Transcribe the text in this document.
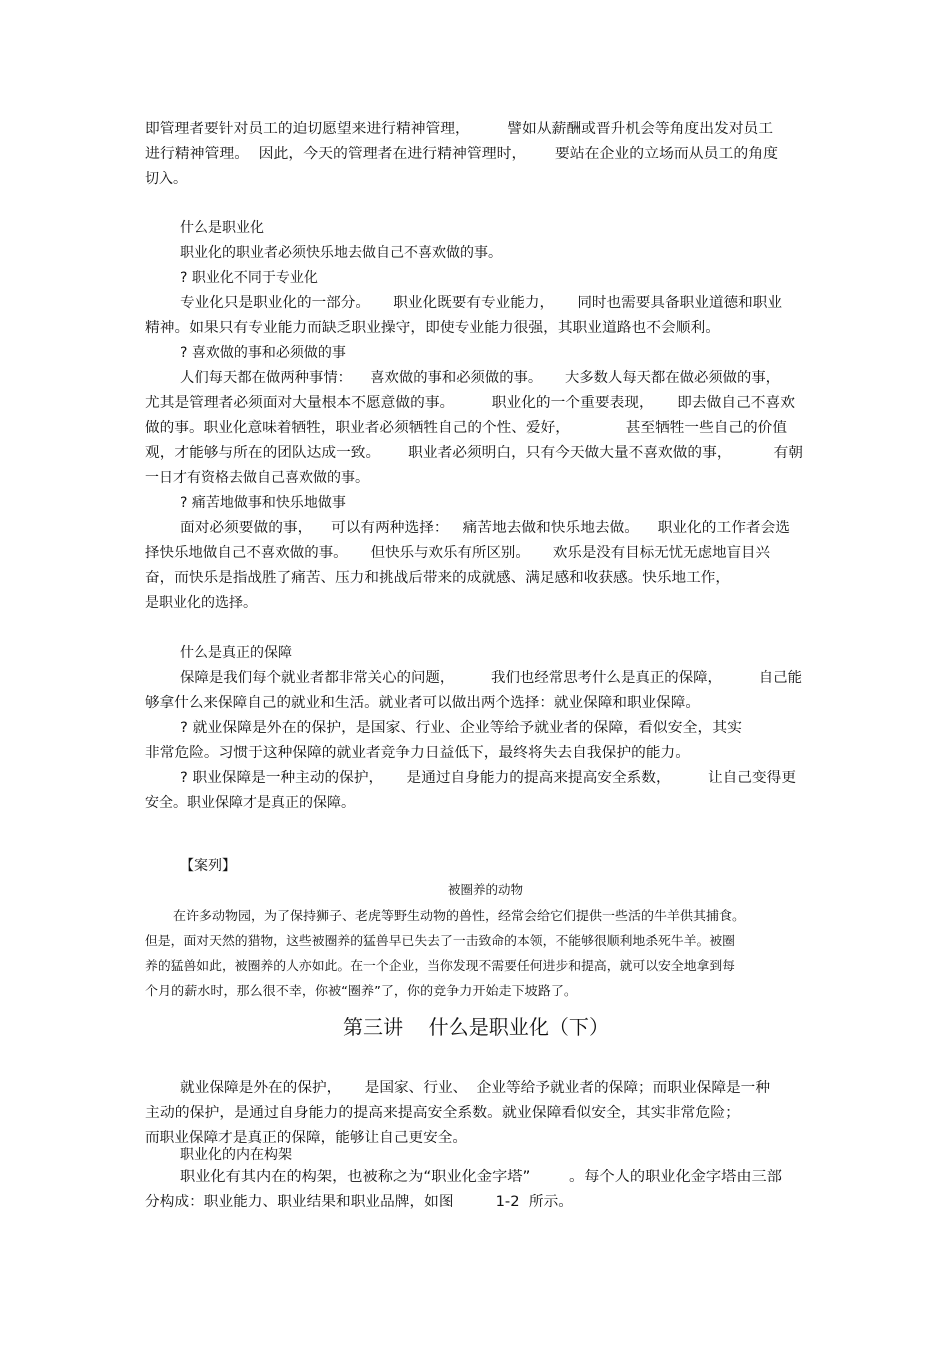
即管理者要针对员工的迫切愿望来进行精神管理，        譬如从薪酬或晋升机会等角度出发对员工
进行精神管理。  因此，今天的管理者在进行精神管理时，      要站在企业的立场而从员工的角度
切入。
什么是职业化
职业化的职业者必须快乐地去做自己不喜欢做的事。
? 职业化不同于专业化
专业化只是职业化的一部分。     职业化既要有专业能力，     同时也需要具备职业道德和职业
精神。如果只有专业能力而缺乏职业操守，即使专业能力很强，其职业道路也不会顺利。
? 喜欢做的事和必须做的事
人们每天都在做两种事情：    喜欢做的事和必须做的事。     大多数人每天都在做必须做的事，
尤其是管理者必须面对大量根本不愿意做的事。        职业化的一个重要表现，     即去做自己不喜欢
做的事。职业化意味着牺牲，职业者必须牺牲自己的个性、爱好，            甚至牺牲一些自己的价值
观，才能够与所在的团队达成一致。      职业者必须明白，只有今天做大量不喜欢做的事，         有朝
一日才有资格去做自己喜欢做的事。
? 痛苦地做事和快乐地做事
面对必须要做的事，    可以有两种选择：   痛苦地去做和快乐地去做。    职业化的工作者会选
择快乐地做自己不喜欢做的事。     但快乐与欢乐有所区别。     欢乐是没有目标无忧无虑地盲目兴
奋，而快乐是指战胜了痛苦、压力和挑战后带来的成就感、满足感和收获感。快乐地工作，
是职业化的选择。
什么是真正的保障
保障是我们每个就业者都非常关心的问题，        我们也经常思考什么是真正的保障，        自己能
够拿什么来保障自己的就业和生活。就业者可以做出两个选择：就业保障和职业保障。
? 就业保障是外在的保护，是国家、行业、企业等给予就业者的保障，看似安全，其实
非常危险。习惯于这种保障的就业者竞争力日益低下，最终将失去自我保护的能力。
? 职业保障是一种主动的保护，     是通过自身能力的提高来提高安全系数，        让自己变得更
安全。职业保障才是真正的保障。
【案列】
被圈养的动物
在许多动物园，为了保持狮子、老虎等野生动物的兽性，经常会给它们提供一些活的牛羊供其捕食。
但是，面对天然的猎物，这些被圈养的猛兽早已失去了一击致命的本领，不能够很顺利地杀死牛羊。被圈
养的猛兽如此，被圈养的人亦如此。在一个企业，当你发现不需要任何进步和提高，就可以安全地拿到每
个月的薪水时，那么很不幸，你被“圈养”了，你的竞争力开始走下坡路了。
第三讲    什么是职业化（下）
就业保障是外在的保护，     是国家、行业、  企业等给予就业者的保障；而职业保障是一种
主动的保护，是通过自身能力的提高来提高安全系数。就业保障看似安全，其实非常危险；
而职业保障才是真正的保障，能够让自己更安全。
职业化的内在构架
职业化有其内在的构架，也被称之为“职业化金字塔”        。每个人的职业化金字塔由三部
分构成：职业能力、职业结果和职业品牌，如图         1-2  所示。
